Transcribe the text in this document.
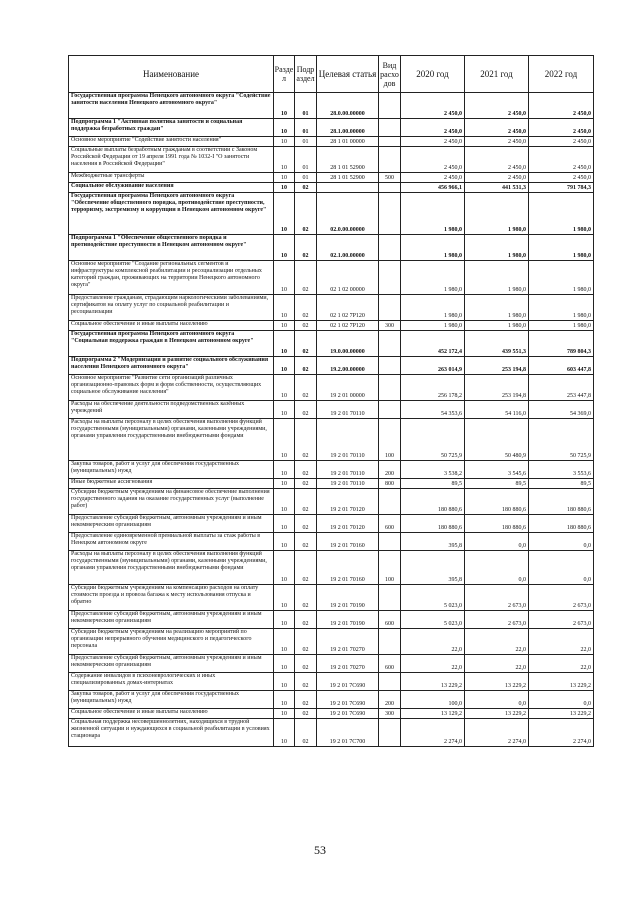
Наименование	Разде л	Подр аздел	Целевая статья	Вид расхо дов	2020 год	2021 год	2022 год
Государственная программа Ненецкого автономного округа "Содействие занятости населения Ненецкого автономного округа"	10	01	28.0.00.00000		2 450,0	2 450,0	2 450,0
Подпрограмма 1 "Активная политика занятости и социальная поддержка безработных граждан"	10	01	28.1.00.00000		2 450,0	2 450,0	2 450,0
Основное мероприятие "Содействие занятости населения"	10	01	28 1 01 00000		2 450,0	2 450,0	2 450,0
Социальные выплаты безработным гражданам в соответствии с Законом Российской Федерации от 19 апреля 1991 года № 1032-I "О занятости населения в Российской Федерации"	10	01	28 1 01 52900		2 450,0	2 450,0	2 450,0
Межбюджетные трансферты	10	01	28 1 01 52900	500	2 450,0	2 450,0	2 450,0
Социальное обслуживание населения	10	02			456 966,1	441 531,3	791 784,3
Государственная программа Ненецкого автономного округа "Обеспечение общественного порядка, противодействие преступности, терроризму, экстремизму и коррупции в Ненецком автономном округе"	10	02	02.0.00.00000		1 980,0	1 980,0	1 980,0
Подпрограмма 1 "Обеспечение общественного порядка и противодействие преступности в Ненецком автономном округе"	10	02	02.1.00.00000		1 980,0	1 980,0	1 980,0
Основное мероприятие "Создание региональных сегментов и инфраструктуры комплексной реабилитации и ресоциализации отдельных категорий граждан, проживающих на территории Ненецкого автономного округа"	10	02	02 1 02 00000		1 980,0	1 980,0	1 980,0
Предоставление гражданам, страдающим наркологическими заболеваниями, сертификатов на оплату услуг по социальной реабилитации и ресоциализации	10	02	02 1 02 7Р120		1 980,0	1 980,0	1 980,0
Социальное обеспечение и иные выплаты населению	10	02	02 1 02 7Р120	300	1 980,0	1 980,0	1 980,0
Государственная программа Ненецкого автономного округа "Социальная поддержка граждан в Ненецком автономном округе"	10	02	19.0.00.00000		452 172,4	439 551,3	789 804,3
Подпрограмма 2 "Модернизация и развитие социального обслуживания населения Ненецкого автономного округа"	10	02	19.2.00.00000		263 014,9	253 194,8	603 447,8
Основное мероприятие "Развитие сети организаций различных организационно-правовых форм и форм собственности, осуществляющих социальное обслуживание населения"	10	02	19 2 01 00000		256 178,2	253 194,8	253 447,8
Расходы на обеспечение деятельности подведомственных казённых учреждений	10	02	19 2 01 70110		54 353,6	54 116,0	54 369,0
Расходы на выплаты персоналу в целях обеспечения выполнения функций государственными (муниципальными) органами, казенными учреждениями, органами управления государственными внебюджетными фондами	10	02	19 2 01 70110	100	50 725,9	50 480,9	50 725,9
Закупка товаров, работ и услуг для обеспечения государственных (муниципальных) нужд	10	02	19 2 01 70110	200	3 538,2	3 545,6	3 553,6
Иные бюджетные ассигнования	10	02	19 2 01 70110	800	89,5	89,5	89,5
Субсидии бюджетным учреждениям на финансовое обеспечение выполнения государственного задания на оказание государственных услуг (выполнение работ)	10	02	19 2 01 70120		180 880,6	180 880,6	180 880,6
Предоставление субсидий бюджетным, автономным учреждениям и иным некоммерческим организациям	10	02	19 2 01 70120	600	180 880,6	180 880,6	180 880,6
Предоставление единовременной премиальной выплаты за стаж работы в Ненецком автономном округе	10	02	19 2 01 70160		395,8	0,0	0,0
Расходы на выплаты персоналу в целях обеспечения выполнения функций государственными (муниципальными) органами, казенными учреждениями, органами управления государственными внебюджетными фондами	10	02	19 2 01 70160	100	395,8	0,0	0,0
Субсидии бюджетным учреждениям на компенсацию расходов на оплату стоимости проезда и провоза багажа к месту использования отпуска и обратно	10	02	19 2 01 70190		5 023,0	2 673,0	2 673,0
Предоставление субсидий бюджетным, автономным учреждениям и иным некоммерческим организациям	10	02	19 2 01 70190	600	5 023,0	2 673,0	2 673,0
Субсидии бюджетным учреждениям на реализацию мероприятий по организации непрерывного обучения медицинского и педагогического персонала	10	02	19 2 01 70270		22,0	22,0	22,0
Предоставление субсидий бюджетным, автономным учреждениям и иным некоммерческим организациям	10	02	19 2 01 70270	600	22,0	22,0	22,0
Содержание инвалидов в психоневрологических и иных специализированных домах-интернатах	10	02	19 2 01 7С690		13 229,2	13 229,2	13 229,2
Закупка товаров, работ и услуг для обеспечения государственных (муниципальных) нужд	10	02	19 2 01 7С690	200	100,0	0,0	0,0
Социальное обеспечение и иные выплаты населению	10	02	19 2 01 7С690	300	13 129,2	13 229,2	13 229,2
Социальная поддержка несовершеннолетних, находящихся в трудной жизненной ситуации и нуждающихся в социальной реабилитации в условиях стационара	10	02	19 2 01 7С700		2 274,0	2 274,0	2 274,0
53
